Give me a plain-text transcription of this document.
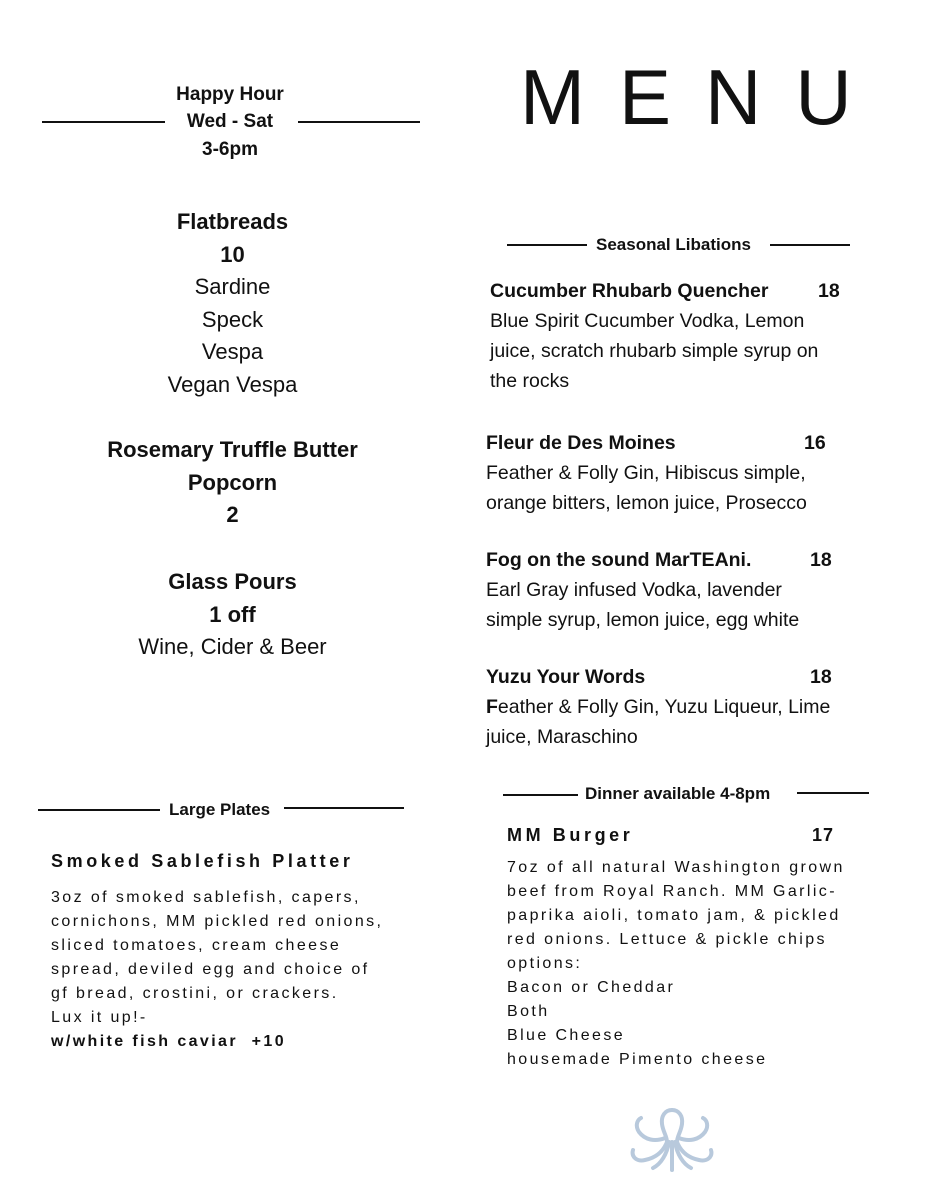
Happy Hour
Wed - Sat
3-6pm
MENU
Flatbreads
10
Sardine
Speck
Vespa
Vegan Vespa
Rosemary Truffle Butter
Popcorn
2
Glass Pours
1 off
Wine, Cider & Beer
Seasonal Libations
Cucumber Rhubarb Quencher
Blue Spirit Cucumber Vodka, Lemon
juice, scratch rhubarb simple syrup on
the rocks
18
Fleur de Des Moines
Feather & Folly Gin, Hibiscus simple,
orange bitters, lemon juice, Prosecco
16
Fog on the sound MarTEAni.
Earl Gray infused Vodka, lavender
simple syrup, lemon juice, egg white
18
Yuzu Your Words
Feather & Folly Gin, Yuzu Liqueur, Lime
juice, Maraschino
18
Large Plates
Smoked Sablefish Platter
3oz of smoked sablefish, capers,
cornichons, MM pickled red onions,
sliced tomatoes, cream cheese
spread, deviled egg and choice of
gf bread, crostini, or crackers.
Lux it up!-
w/white fish caviar  +10
Dinner available 4-8pm
MM Burger	17
7oz of all natural Washington grown
beef from Royal Ranch. MM Garlic-
paprika aioli, tomato jam, & pickled
red onions. Lettuce & pickle chips
options:
Bacon or Cheddar
Both
Blue Cheese
housemade Pimento cheese
